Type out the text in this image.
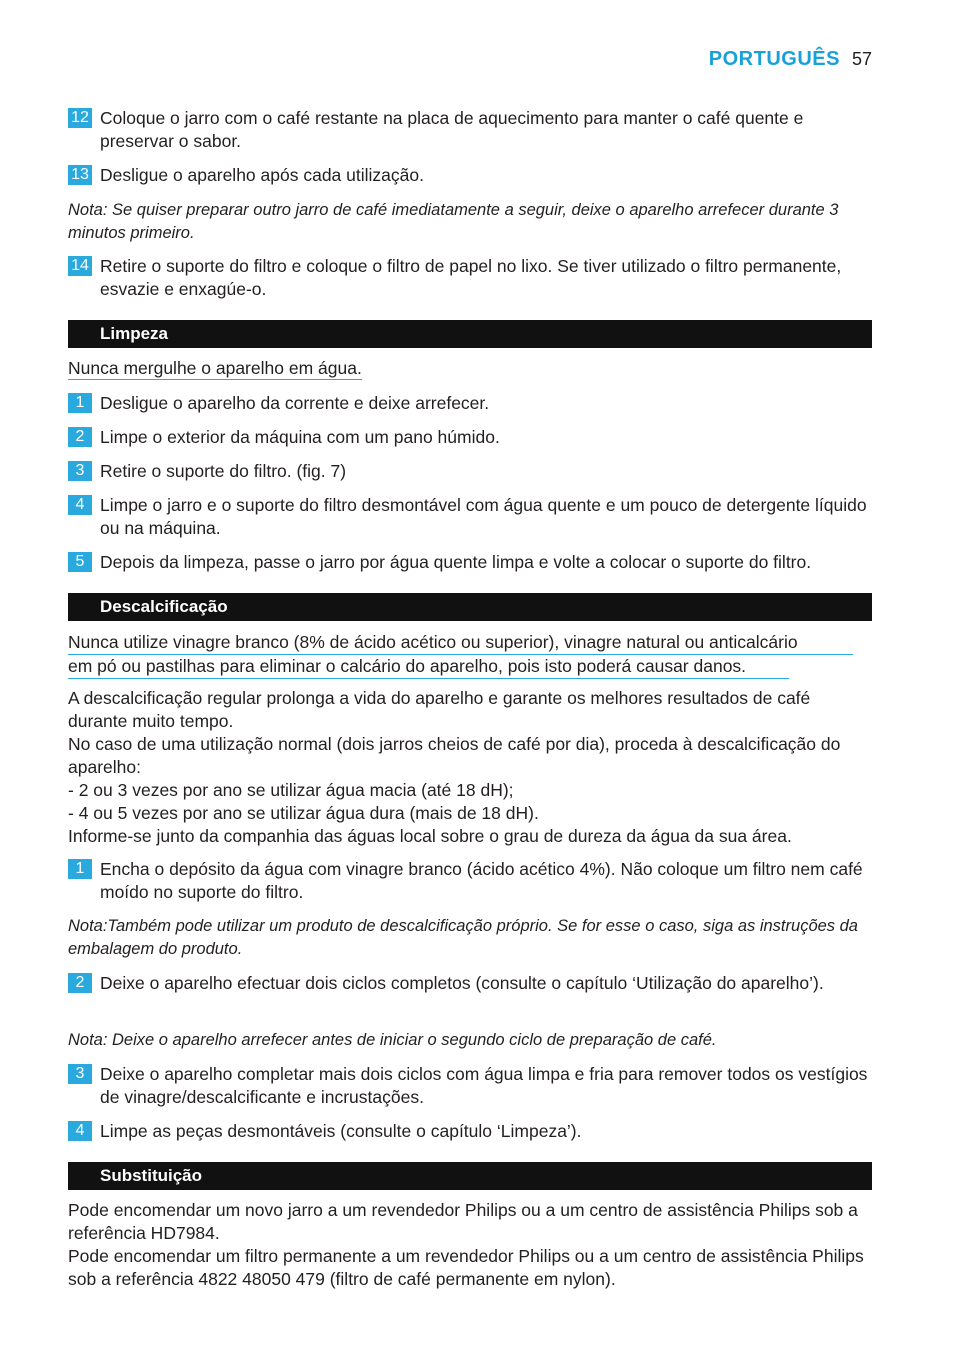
PORTUGUÊS 57
12 Coloque o jarro com o café restante na placa de aquecimento para manter o café quente e preservar o sabor.
13 Desligue o aparelho após cada utilização.
Nota: Se quiser preparar outro jarro de café imediatamente a seguir, deixe o aparelho arrefecer durante 3 minutos primeiro.
14 Retire o suporte do filtro e coloque o filtro de papel no lixo. Se tiver utilizado o filtro permanente, esvazie e enxagúe-o.
Limpeza
Nunca mergulhe o aparelho em água.
1 Desligue o aparelho da corrente e deixe arrefecer.
2 Limpe o exterior da máquina com um pano húmido.
3 Retire o suporte do filtro. (fig. 7)
4 Limpe o jarro e o suporte do filtro desmontável com água quente e um pouco de detergente líquido ou na máquina.
5 Depois da limpeza, passe o jarro por água quente limpa e volte a colocar o suporte do filtro.
Descalcificação
Nunca utilize vinagre branco (8% de ácido acético ou superior), vinagre natural ou anticalcário
em pó ou pastilhas para eliminar o calcário do aparelho, pois isto poderá causar danos.

A descalcificação regular prolonga a vida do aparelho e garante os melhores resultados de café durante muito tempo.

No caso de uma utilização normal (dois jarros cheios de café por dia), proceda à descalcificação do aparelho:

- 2 ou 3 vezes por ano se utilizar água macia (até 18 dH);

- 4 ou 5 vezes por ano se utilizar água dura (mais de 18 dH).

Informe-se junto da companhia das águas local sobre o grau de dureza da água da sua área.

1 Encha o depósito da água com vinagre branco (ácido acético 4%). Não coloque um filtro nem café moído no suporte do filtro.
Nota:Também pode utilizar um produto de descalcificação próprio. Se for esse o caso, siga as instruções da embalagem do produto.
2 Deixe o aparelho efectuar dois ciclos completos (consulte o capítulo ‘Utilização do aparelho’).
Nota: Deixe o aparelho arrefecer antes de iniciar o segundo ciclo de preparação de café.
3 Deixe o aparelho completar mais dois ciclos com água limpa e fria para remover todos os vestígios de vinagre/descalcificante e incrustações.
4 Limpe as peças desmontáveis (consulte o capítulo ‘Limpeza’).
Substituição

Pode encomendar um novo jarro a um revendedor Philips ou a um centro de assistência Philips sob a referência HD7984.

Pode encomendar um filtro permanente a um revendedor Philips ou a um centro de assistência Philips sob a referência 4822 48050 479 (filtro de café permanente em nylon).
